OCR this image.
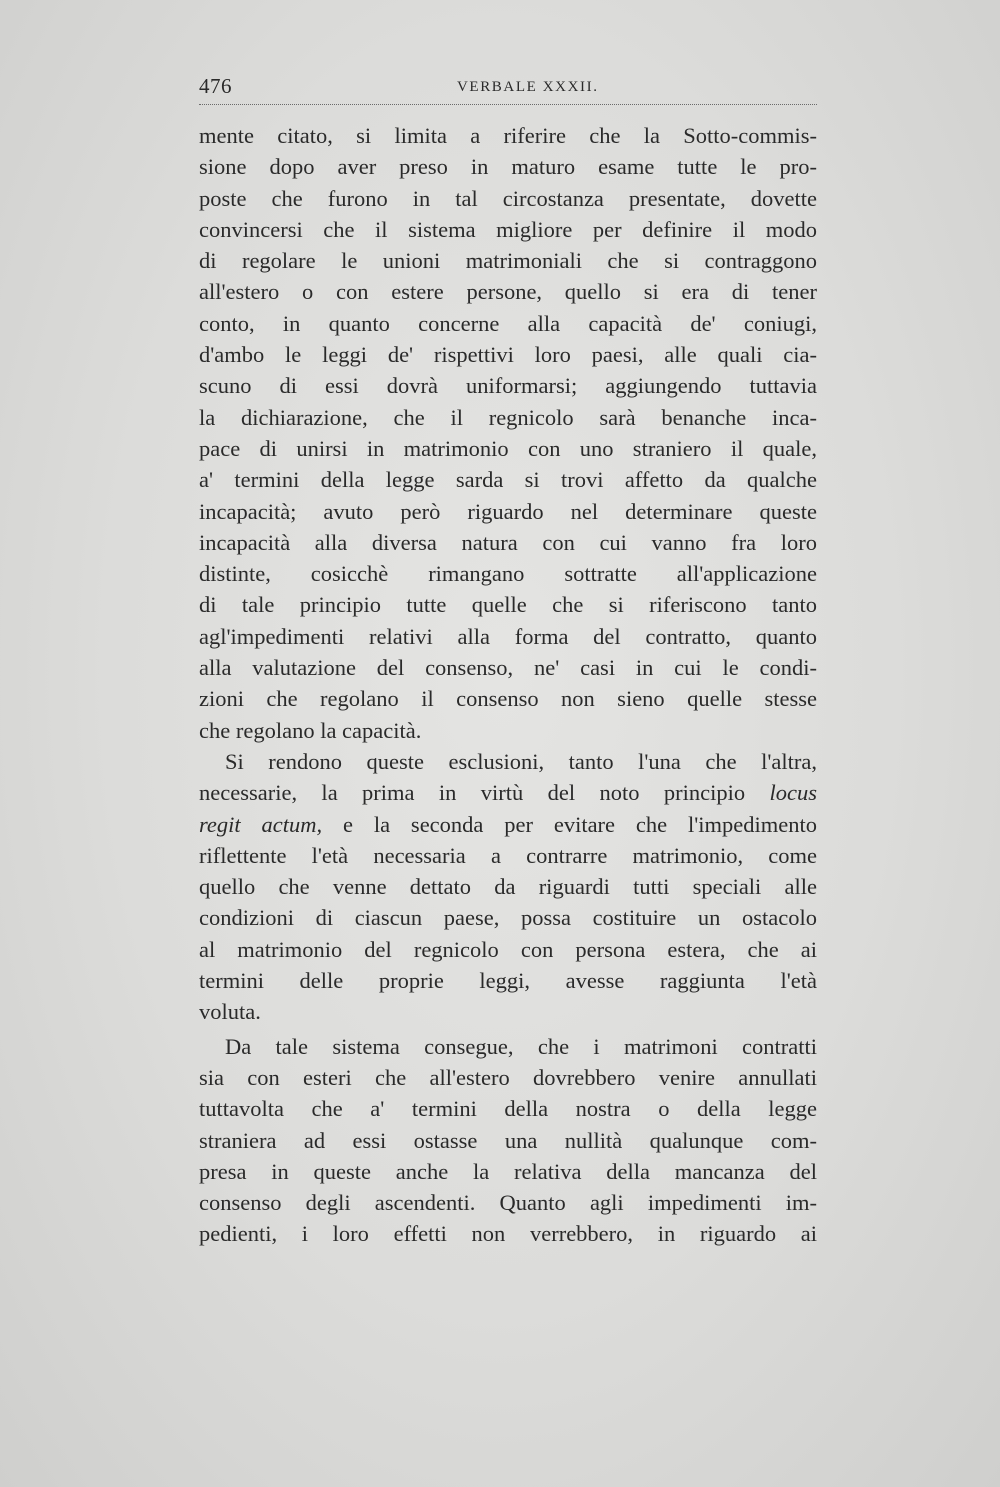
476	VERBALE XXXII.
mente citato, si limita a riferire che la Sotto-commis-
sione dopo aver preso in maturo esame tutte le pro-
poste che furono in tal circostanza presentate, dovette
convincersi che il sistema migliore per definire il modo
di regolare le unioni matrimoniali che si contraggono
all'estero o con estere persone, quello si era di tener
conto, in quanto concerne alla capacità de' coniugi,
d'ambo le leggi de' rispettivi loro paesi, alle quali cia-
scuno di essi dovrà uniformarsi; aggiungendo tuttavia
la dichiarazione, che il regnicolo sarà benanche inca-
pace di unirsi in matrimonio con uno straniero il quale,
a' termini della legge sarda si trovi affetto da qualche
incapacità; avuto però riguardo nel determinare queste
incapacità alla diversa natura con cui vanno fra loro
distinte, cosicchè rimangano sottratte all'applicazione
di tale principio tutte quelle che si riferiscono tanto
agl'impedimenti relativi alla forma del contratto, quanto
alla valutazione del consenso, ne' casi in cui le condi-
zioni che regolano il consenso non sieno quelle stesse
che regolano la capacità.
Si rendono queste esclusioni, tanto l'una che l'altra,
necessarie, la prima in virtù del noto principio locus
regit actum, e la seconda per evitare che l'impedimento
riflettente l'età necessaria a contrarre matrimonio, come
quello che venne dettato da riguardi tutti speciali alle
condizioni di ciascun paese, possa costituire un ostacolo
al matrimonio del regnicolo con persona estera, che ai
termini delle proprie leggi, avesse raggiunta l'età
voluta.
Da tale sistema consegue, che i matrimoni contratti
sia con esteri che all'estero dovrebbero venire annullati
tuttavolta che a' termini della nostra o della legge
straniera ad essi ostasse una nullità qualunque com-
presa in queste anche la relativa della mancanza del
consenso degli ascendenti. Quanto agli impedimenti im-
pedienti, i loro effetti non verrebbero, in riguardo ai
